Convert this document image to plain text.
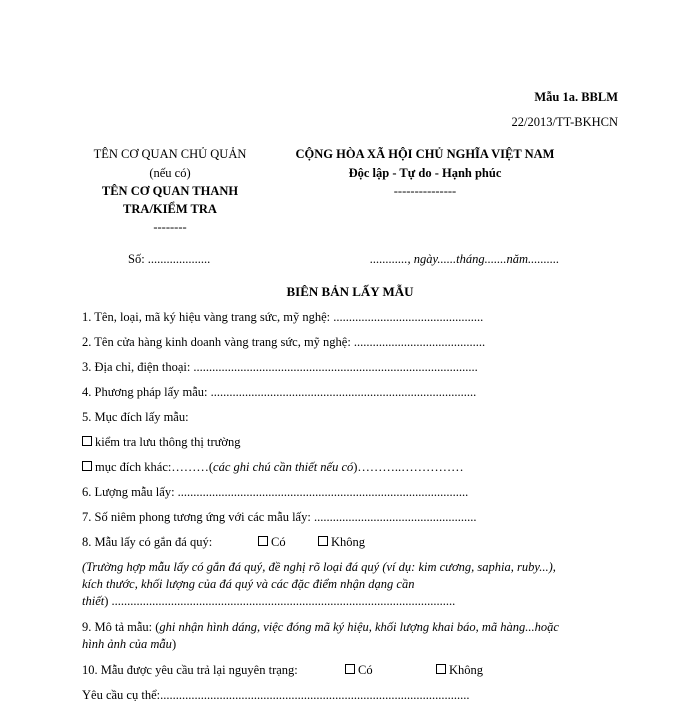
Mẫu 1a. BBLM
22/2013/TT-BKHCN
TÊN CƠ QUAN CHỦ QUẢN
(nếu có)
TÊN CƠ QUAN THANH
TRA/KIỂM TRA
--------
Số: ....................
CỘNG HÒA XÃ HỘI CHỦ NGHĨA VIỆT NAM
Độc lập - Tự do - Hạnh phúc
---------------
............, ngày......tháng.......năm..........
BIÊN BẢN LẤY MẪU
1. Tên, loại, mã ký hiệu vàng trang sức, mỹ nghệ: ................................................
2. Tên cửa hàng kinh doanh vàng trang sức, mỹ nghệ: ..........................................
3. Địa chỉ, điện thoại: ...........................................................................................
4. Phương pháp lấy mẫu: .....................................................................................
5. Mục đích lấy mẫu:
kiểm tra lưu thông thị trường
mục đích khác:………(các ghi chú cần thiết nếu có)………..……………
6. Lượng mẫu lấy: .............................................................................................
7. Số niêm phong tương ứng với các mẫu lấy: ....................................................
8. Mẫu lấy có gắn đá quý:	Có	Không
(Trường hợp mẫu lấy có gắn đá quý, đề nghị rõ loại đá quý (ví dụ: kim cương, saphia, ruby...),
kích thước, khối lượng của đá quý và các đặc điểm nhận dạng cần
thiết) ..............................................................................................................
9. Mô tả mẫu: (ghi nhận hình dáng, việc đóng mã ký hiệu, khối lượng khai báo, mã hàng...hoặc
hình ảnh của mẫu)
10. Mẫu được yêu cầu trả lại nguyên trạng:	Có	Không
Yêu cầu cụ thể:...................................................................................................
